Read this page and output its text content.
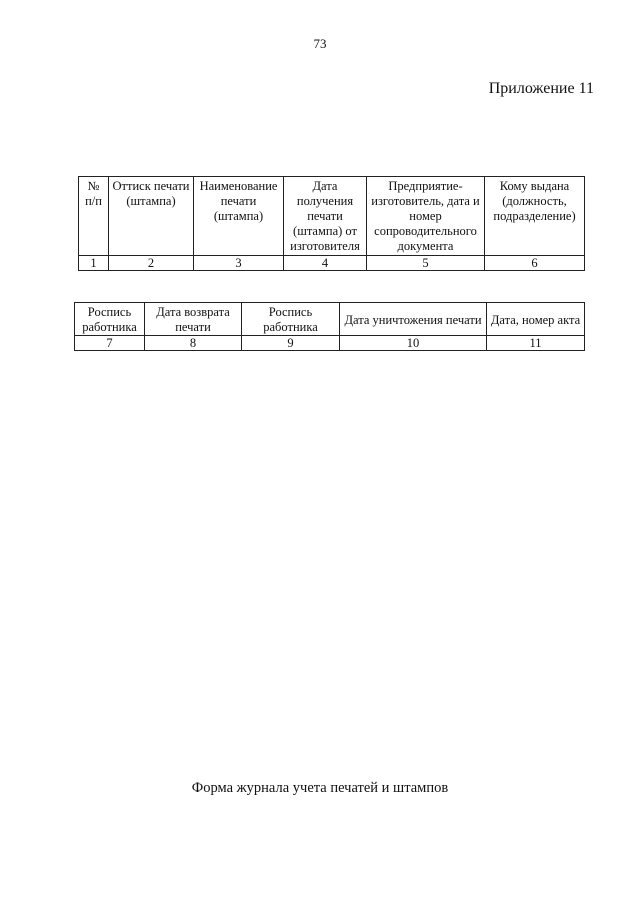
73
Приложение 11
№ п/п	Оттиск печати (штампа)	Наименование печати (штампа)	Дата получения печати (штампа) от изготовителя	Предприятие-изготовитель, дата и номер сопроводительного документа	Кому выдана (должность, подразделение)
1	2	3	4	5	6
Роспись работника	Дата возврата печати	Роспись работника	Дата уничтожения печати	Дата, номер акта
7	8	9	10	11
Форма журнала учета печатей и штампов
